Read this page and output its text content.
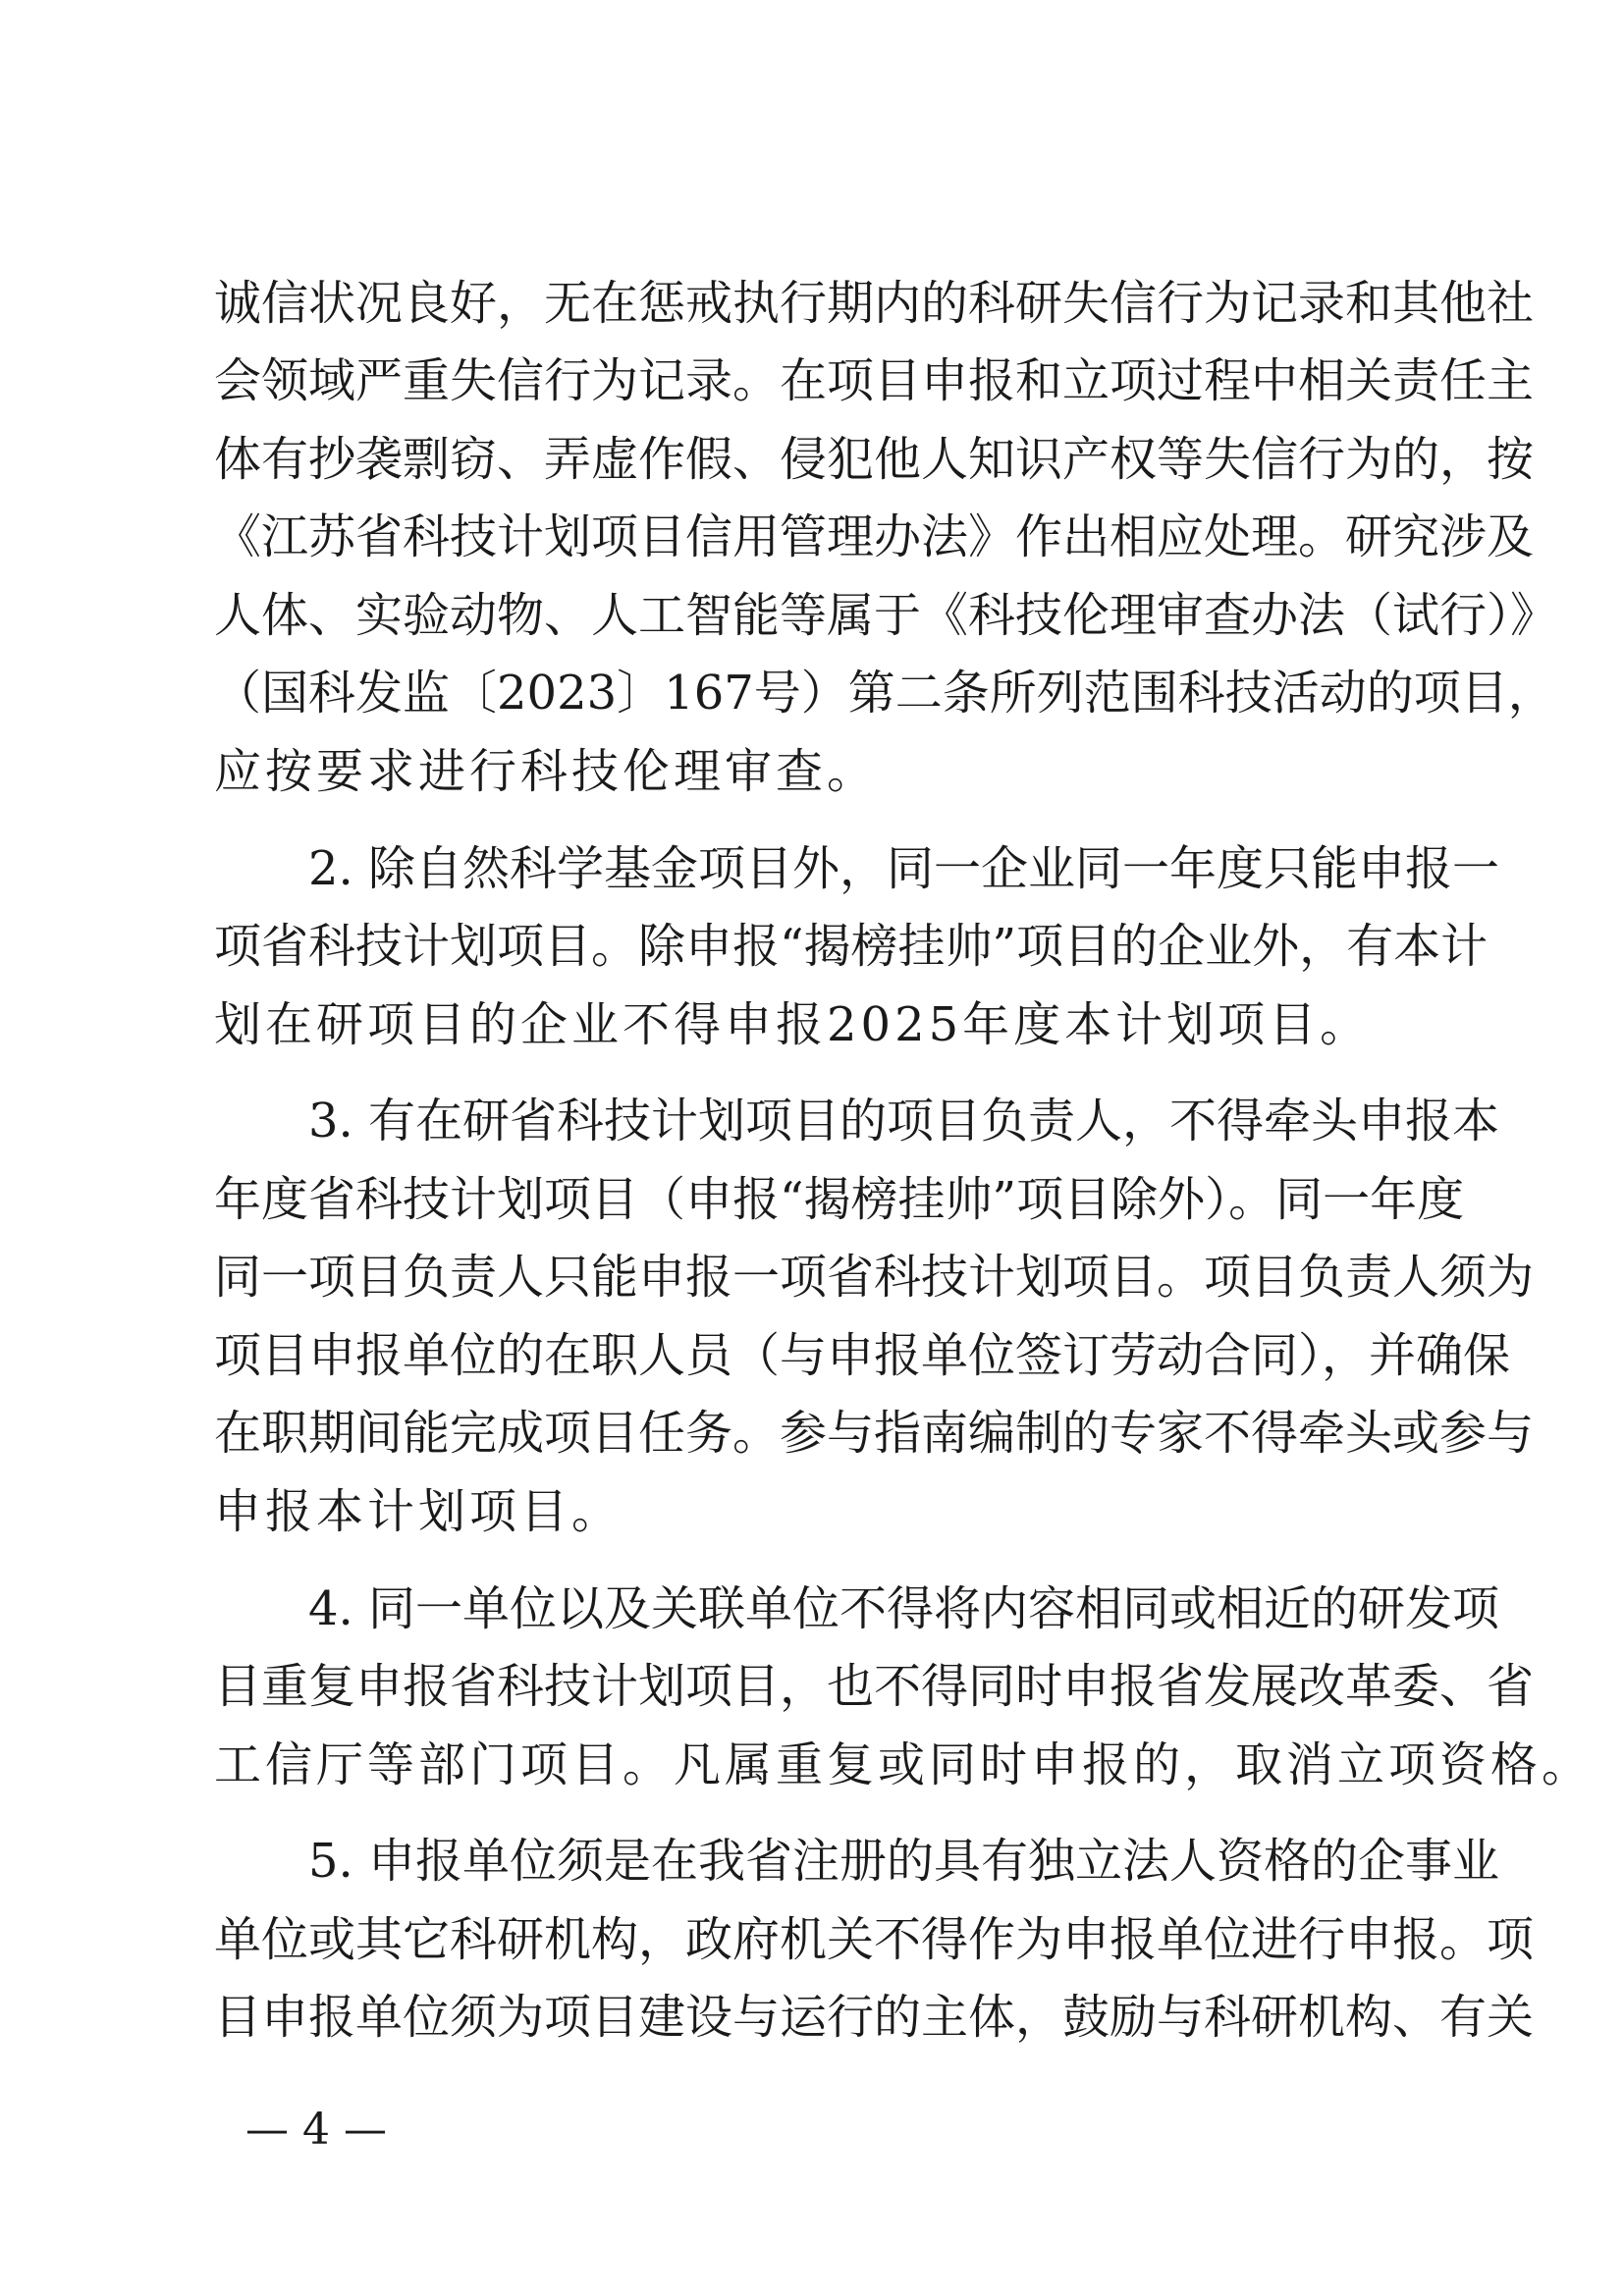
诚信状况良好，无在惩戒执行期内的科研失信行为记录和其他社
会领域严重失信行为记录。在项目申报和立项过程中相关责任主
体有抄袭剽窃、弄虚作假、侵犯他人知识产权等失信行为的，按
《江苏省科技计划项目信用管理办法》作出相应处理。研究涉及
人体、实验动物、人工智能等属于《科技伦理审查办法（试行）》
（国科发监〔2023〕167号）第二条所列范围科技活动的项目，
应按要求进行科技伦理审查。
2. 除自然科学基金项目外，同一企业同一年度只能申报一
项省科技计划项目。除申报“揭榜挂帅”项目的企业外，有本计
划在研项目的企业不得申报2025年度本计划项目。
3. 有在研省科技计划项目的项目负责人，不得牵头申报本
年度省科技计划项目（申报“揭榜挂帅”项目除外）。同一年度
同一项目负责人只能申报一项省科技计划项目。项目负责人须为
项目申报单位的在职人员（与申报单位签订劳动合同），并确保
在职期间能完成项目任务。参与指南编制的专家不得牵头或参与
申报本计划项目。
4. 同一单位以及关联单位不得将内容相同或相近的研发项
目重复申报省科技计划项目，也不得同时申报省发展改革委、省
工信厅等部门项目。凡属重复或同时申报的，取消立项资格。
5. 申报单位须是在我省注册的具有独立法人资格的企事业
单位或其它科研机构，政府机关不得作为申报单位进行申报。项
目申报单位须为项目建设与运行的主体，鼓励与科研机构、有关
— 4 —
